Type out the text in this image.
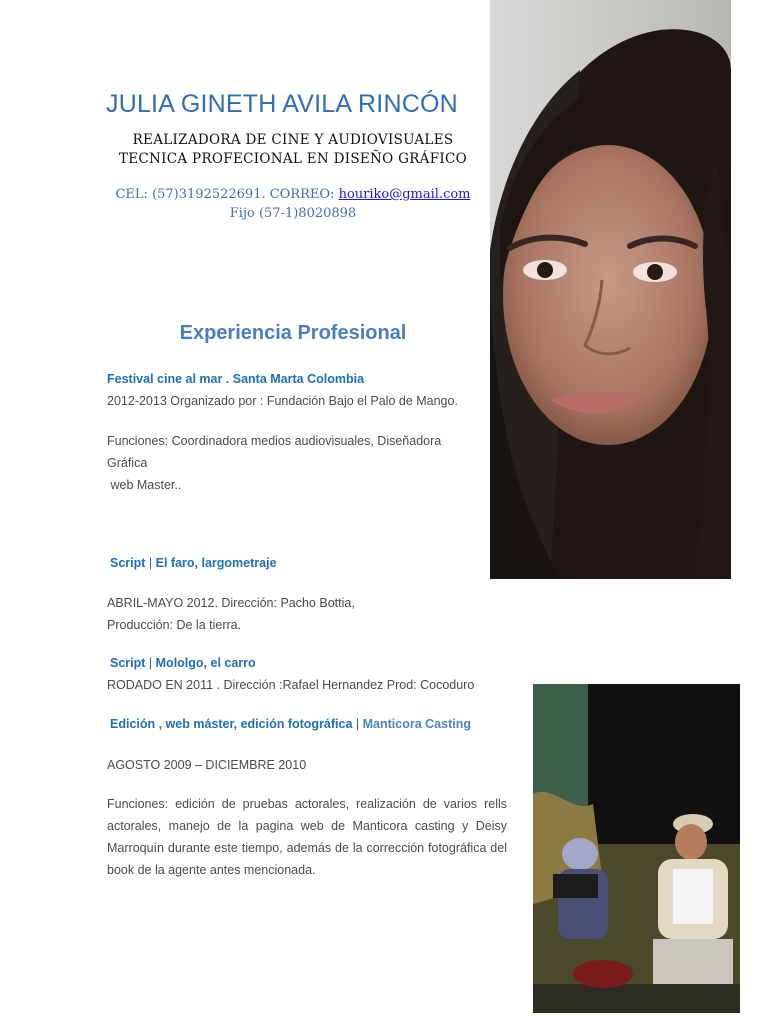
JULIA GINETH AVILA RINCÓN
REALIZADORA DE CINE Y AUDIOVISUALES
TECNICA PROFECIONAL EN DISEÑO GRÁFICO
CEL: (57)3192522691. CORREO: houriko@gmail.com
Fijo (57-1)8020898
Experiencia Profesional
Festival cine al mar . Santa Marta Colombia
2012-2013 Organizado por : Fundación Bajo el Palo de Mango.
Funciones: Coordinadora medios audiovisuales, Diseñadora
Gráfica
web Master..
Script | El faro, largometraje
ABRIL-MAYO 2012. Dirección: Pacho Bottia,
Producción: De la tierra.
Script | Mololgo, el carro
RODADO EN 2011 . Dirección :Rafael Hernandez Prod: Cocoduro
Edición , web máster, edición fotográfica | Manticora Casting
AGOSTO 2009 – DICIEMBRE 2010
Funciones: edición de pruebas actorales, realización de varios rells actorales, manejo de la pagina web de Manticora casting y Deisy Marroquín durante este tiempo, además de la corrección fotográfica del book de la agente antes mencionada.
